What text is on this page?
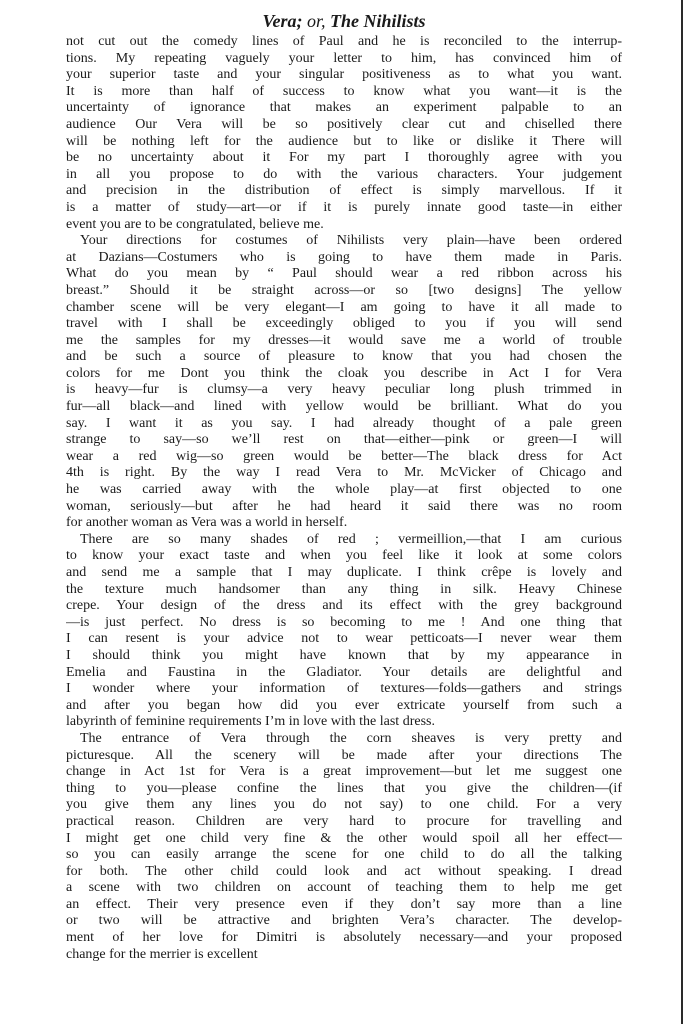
Vera; or, The Nihilists
not cut out the comedy lines of Paul and he is reconciled to the interrup-
tions. My repeating vaguely your letter to him, has convinced him of
your superior taste and your singular positiveness as to what you want.
It is more than half of success to know what you want—it is the
uncertainty of ignorance that makes an experiment palpable to an
audience Our Vera will be so positively clear cut and chiselled there
will be nothing left for the audience but to like or dislike it There will
be no uncertainty about it For my part I thoroughly agree with you
in all you propose to do with the various characters. Your judgement
and precision in the distribution of effect is simply marvellous. If it
is a matter of study—art—or if it is purely innate good taste—in either
event you are to be congratulated, believe me.
Your directions for costumes of Nihilists very plain—have been ordered
at Dazians—Costumers who is going to have them made in Paris.
What do you mean by “ Paul should wear a red ribbon across his
breast.” Should it be straight across—or so [two designs] The yellow
chamber scene will be very elegant—I am going to have it all made to
travel with I shall be exceedingly obliged to you if you will send
me the samples for my dresses—it would save me a world of trouble
and be such a source of pleasure to know that you had chosen the
colors for me Dont you think the cloak you describe in Act I for Vera
is heavy—fur is clumsy—a very heavy peculiar long plush trimmed in
fur—all black—and lined with yellow would be brilliant. What do you
say. I want it as you say. I had already thought of a pale green
strange to say—so we’ll rest on that—either—pink or green—I will
wear a red wig—so green would be better—The black dress for Act
4th is right. By the way I read Vera to Mr. McVicker of Chicago and
he was carried away with the whole play—at first objected to one
woman, seriously—but after he had heard it said there was no room
for another woman as Vera was a world in herself.
There are so many shades of red ; vermeillion,—that I am curious
to know your exact taste and when you feel like it look at some colors
and send me a sample that I may duplicate. I think crêpe is lovely and
the texture much handsomer than any thing in silk. Heavy Chinese
crepe. Your design of the dress and its effect with the grey background
—is just perfect. No dress is so becoming to me ! And one thing that
I can resent is your advice not to wear petticoats—I never wear them
I should think you might have known that by my appearance in
Emelia and Faustina in the Gladiator. Your details are delightful and
I wonder where your information of textures—folds—gathers and strings
and after you began how did you ever extricate yourself from such a
labyrinth of feminine requirements I’m in love with the last dress.
The entrance of Vera through the corn sheaves is very pretty and
picturesque. All the scenery will be made after your directions The
change in Act 1st for Vera is a great improvement—but let me suggest one
thing to you—please confine the lines that you give the children—(if
you give them any lines you do not say) to one child. For a very
practical reason. Children are very hard to procure for travelling and
I might get one child very fine & the other would spoil all her effect—
so you can easily arrange the scene for one child to do all the talking
for both. The other child could look and act without speaking. I dread
a scene with two children on account of teaching them to help me get
an effect. Their very presence even if they don’t say more than a line
or two will be attractive and brighten Vera’s character. The develop-
ment of her love for Dimitri is absolutely necessary—and your proposed
change for the merrier is excellent
